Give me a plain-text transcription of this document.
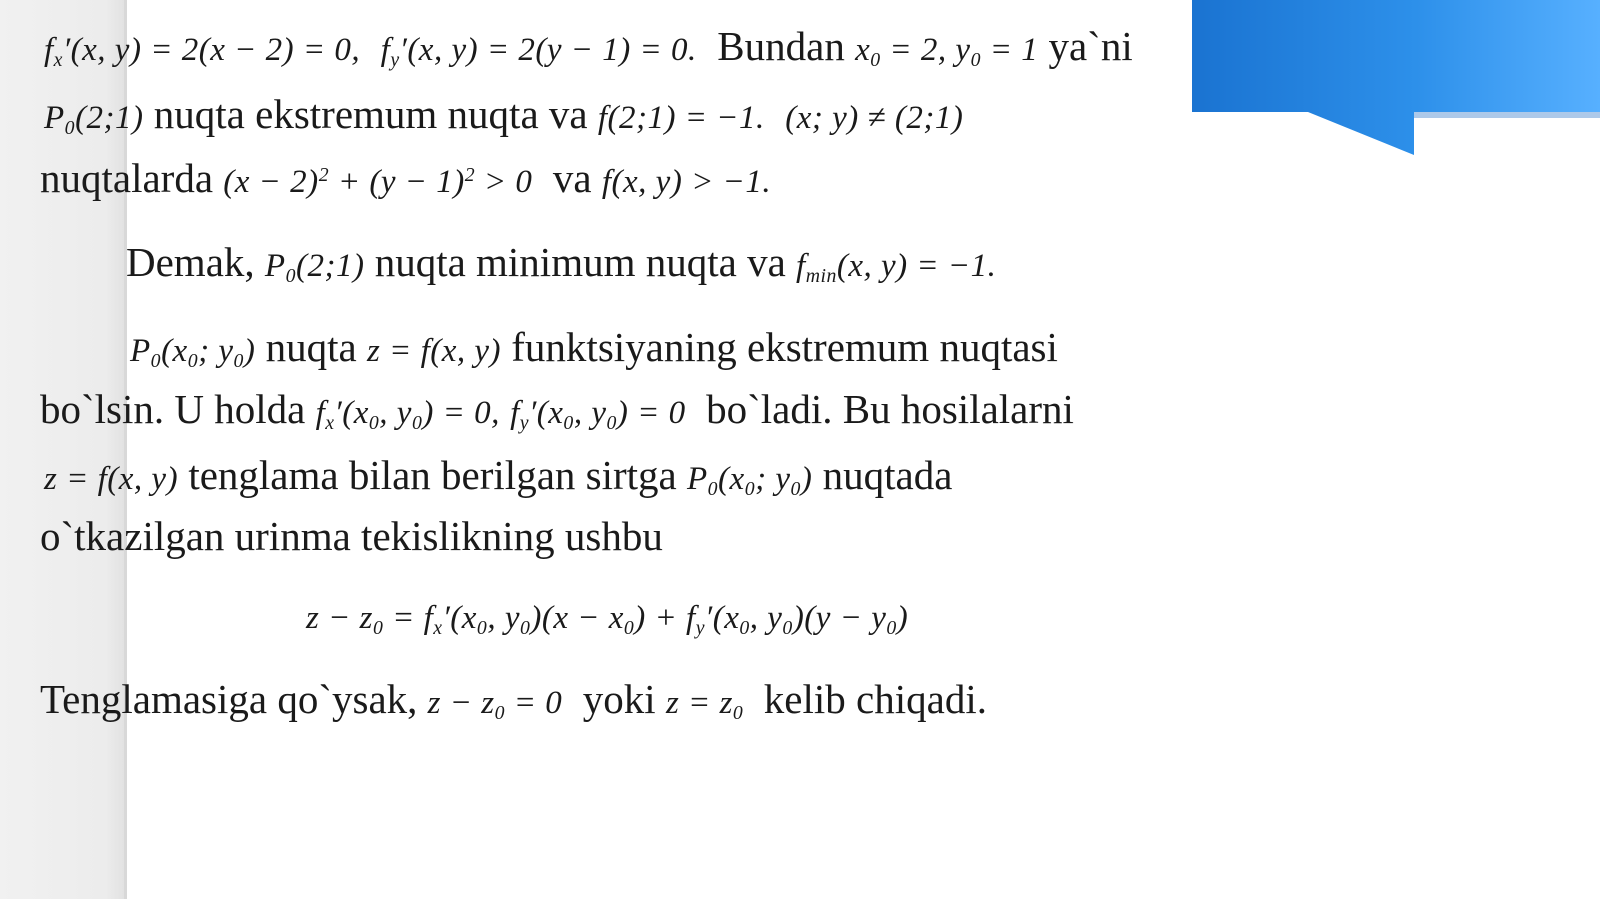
$f_x'(x$, y) = 2(x − 2) = 0, $f_y'(x$, y) = 2(y − 1) = 0. Bundan $x_0 = 2$, $y_0 = 1$ ya`ni
$P_0(2;1)$ nuqta ekstremum nuqta va f(2;1) = −1. (x; y) ≠ (2;1)
nuqtalarda $(x - 2)^2 + (y - 1)^2 > 0$ va f(x, y) > −1.
Demak, $P_0(2;1)$ nuqta minimum nuqta va $f_{min}(x$, y) = −1.
$P_0(x_0$; $y_0$) nuqta z = f(x, y) funktsiyaning ekstremum nuqtasi
bo`lsin. U holda $f_x'(x_0$, $y_0) = 0$, $f_y'(x_0$, $y_0) = 0$ bo`ladi. Bu hosilalarni
z = f(x, y) tenglama bilan berilgan sirtga $P_0(x_0$; $y_0$) nuqtada
o`tkazilgan urinma tekislikning ushbu
$z - z_0 = f_x'(x_0$, $y_0)(x - x_0) + f_y'(x_0$, $y_0)(y - y_0)$
Tenglamasiga qo`ysak, $z - z_0 = 0$ yoki $z = z_0$ kelib chiqadi.
